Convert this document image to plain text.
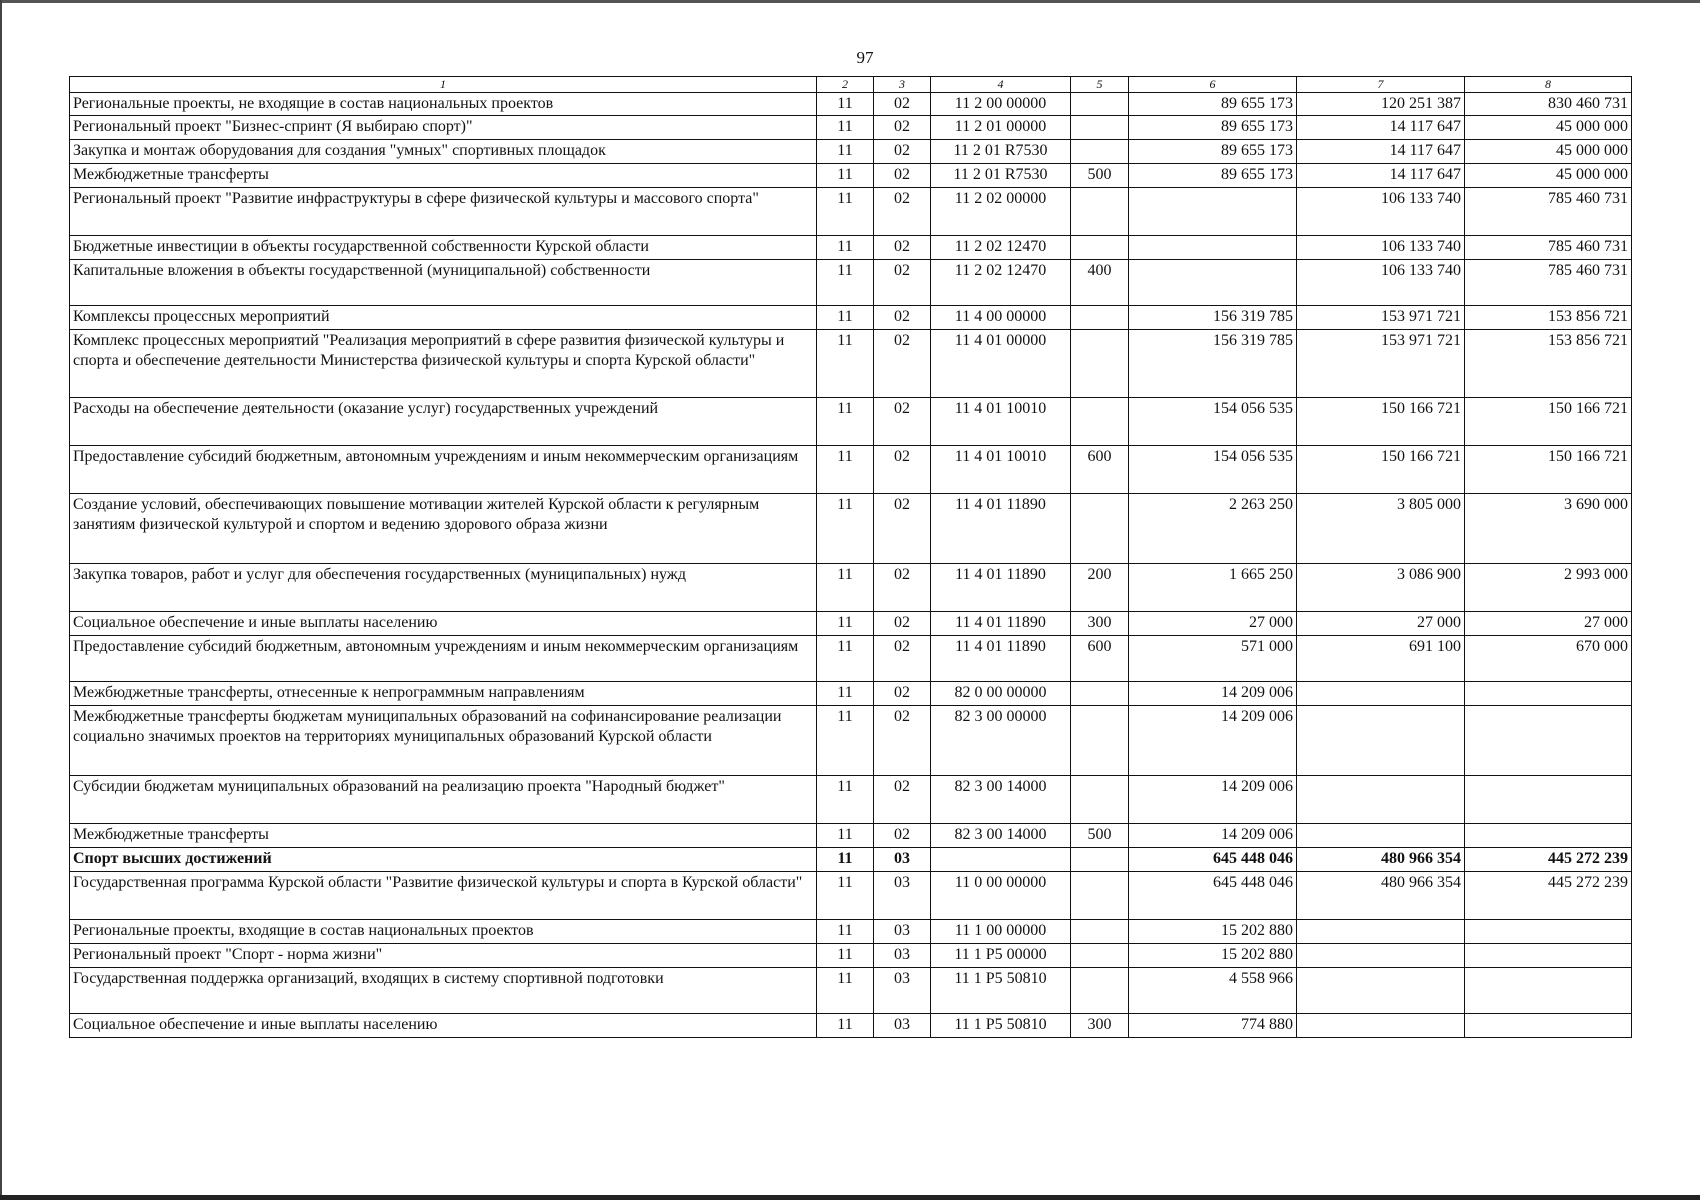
97
1	2	3	4	5	6	7	8
Региональные проекты, не входящие в состав национальных проектов	11	02	11 2 00 00000		89 655 173	120 251 387	830 460 731
Региональный проект "Бизнес-спринт (Я выбираю спорт)"	11	02	11 2 01 00000		89 655 173	14 117 647	45 000 000
Закупка и монтаж оборудования для создания "умных" спортивных площадок	11	02	11 2 01 R7530		89 655 173	14 117 647	45 000 000
Межбюджетные трансферты	11	02	11 2 01 R7530	500	89 655 173	14 117 647	45 000 000
Региональный проект "Развитие инфраструктуры в сфере физической культуры и массового спорта"	11	02	11 2 02 00000			106 133 740	785 460 731
Бюджетные инвестиции в объекты государственной собственности Курской области	11	02	11 2 02 12470			106 133 740	785 460 731
Капитальные вложения в объекты государственной (муниципальной) собственности	11	02	11 2 02 12470	400		106 133 740	785 460 731
Комплексы процессных мероприятий	11	02	11 4 00 00000		156 319 785	153 971 721	153 856 721
Комплекс процессных мероприятий "Реализация мероприятий в сфере развития физической культуры и спорта и обеспечение деятельности Министерства физической культуры и спорта Курской области"	11	02	11 4 01 00000		156 319 785	153 971 721	153 856 721
Расходы на обеспечение деятельности (оказание услуг) государственных учреждений	11	02	11 4 01 10010		154 056 535	150 166 721	150 166 721
Предоставление субсидий бюджетным, автономным учреждениям и иным некоммерческим организациям	11	02	11 4 01 10010	600	154 056 535	150 166 721	150 166 721
Создание условий, обеспечивающих повышение мотивации жителей Курской области к регулярным занятиям физической культурой и спортом и ведению здорового образа жизни	11	02	11 4 01 11890		2 263 250	3 805 000	3 690 000
Закупка товаров, работ и услуг для обеспечения государственных (муниципальных) нужд	11	02	11 4 01 11890	200	1 665 250	3 086 900	2 993 000
Социальное обеспечение и иные выплаты населению	11	02	11 4 01 11890	300	27 000	27 000	27 000
Предоставление субсидий бюджетным, автономным учреждениям и иным некоммерческим организациям	11	02	11 4 01 11890	600	571 000	691 100	670 000
Межбюджетные трансферты, отнесенные к непрограммным направлениям	11	02	82 0 00 00000		14 209 006		
Межбюджетные трансферты бюджетам муниципальных образований на софинансирование реализации социально значимых проектов на территориях муниципальных образований Курской области	11	02	82 3 00 00000		14 209 006		
Субсидии бюджетам муниципальных образований на реализацию проекта "Народный бюджет"	11	02	82 3 00 14000		14 209 006		
Межбюджетные трансферты	11	02	82 3 00 14000	500	14 209 006		
Спорт высших достижений	11	03			645 448 046	480 966 354	445 272 239
Государственная программа Курской области "Развитие физической культуры и спорта в Курской области"	11	03	11 0 00 00000		645 448 046	480 966 354	445 272 239
Региональные проекты, входящие в состав национальных проектов	11	03	11 1 00 00000		15 202 880		
Региональный проект "Спорт - норма жизни"	11	03	11 1 P5 00000		15 202 880		
Государственная поддержка организаций, входящих в систему спортивной подготовки	11	03	11 1 P5 50810		4 558 966		
Социальное обеспечение и иные выплаты населению	11	03	11 1 P5 50810	300	774 880		
